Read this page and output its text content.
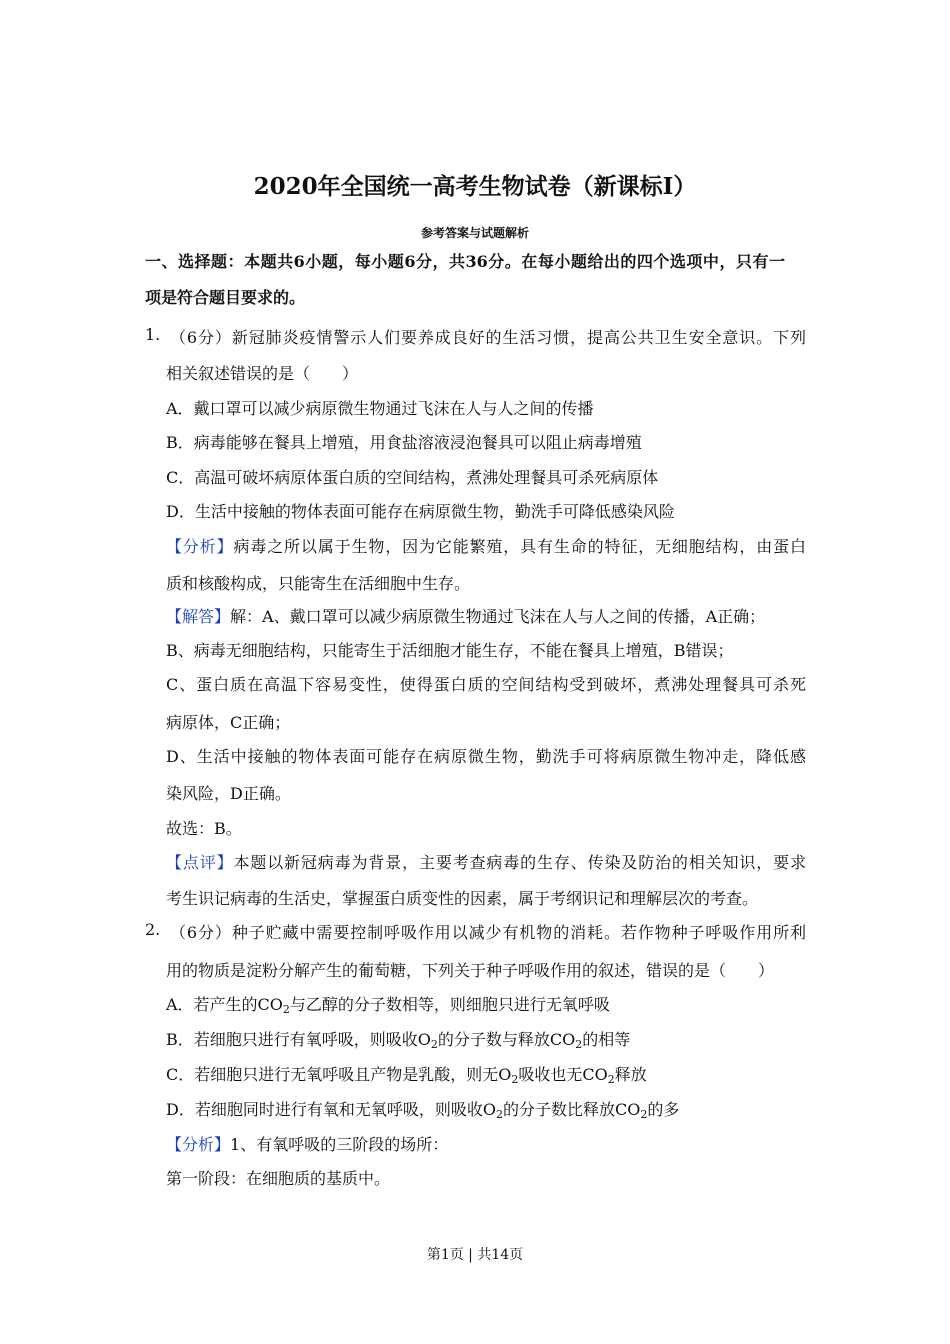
2020年全国统一高考生物试卷（新课标Ⅰ）
参考答案与试题解析
一、选择题：本题共6小题，每小题6分，共36分。在每小题给出的四个选项中，只有一
项是符合题目要求的。
1. （6分）新冠肺炎疫情警示人们要养成良好的生活习惯，提高公共卫生安全意识。下列
相关叙述错误的是（　　）
A．戴口罩可以减少病原微生物通过飞沫在人与人之间的传播
B．病毒能够在餐具上增殖，用食盐溶液浸泡餐具可以阻止病毒增殖
C．高温可破坏病原体蛋白质的空间结构，煮沸处理餐具可杀死病原体
D．生活中接触的物体表面可能存在病原微生物，勤洗手可降低感染风险
【分析】病毒之所以属于生物，因为它能繁殖，具有生命的特征，无细胞结构，由蛋白
质和核酸构成，只能寄生在活细胞中生存。
【解答】解：A、戴口罩可以减少病原微生物通过飞沫在人与人之间的传播，A正确；
B、病毒无细胞结构，只能寄生于活细胞才能生存，不能在餐具上增殖，B错误；
C、蛋白质在高温下容易变性，使得蛋白质的空间结构受到破坏，煮沸处理餐具可杀死
病原体，C正确；
D、生活中接触的物体表面可能存在病原微生物，勤洗手可将病原微生物冲走，降低感
染风险，D正确。
故选：B。
【点评】本题以新冠病毒为背景，主要考查病毒的生存、传染及防治的相关知识，要求
考生识记病毒的生活史，掌握蛋白质变性的因素，属于考纲识记和理解层次的考查。
2. （6分）种子贮藏中需要控制呼吸作用以减少有机物的消耗。若作物种子呼吸作用所利
用的物质是淀粉分解产生的葡萄糖，下列关于种子呼吸作用的叙述，错误的是（　　）
A．若产生的$CO_2$与乙醇的分子数相等，则细胞只进行无氧呼吸
B．若细胞只进行有氧呼吸，则吸收$O_2$的分子数与释放$CO_2$的相等
C．若细胞只进行无氧呼吸且产物是乳酸，则无$O_2$吸收也无$CO_2$释放
D．若细胞同时进行有氧和无氧呼吸，则吸收$O_2$的分子数比释放$CO_2$的多
【分析】1、有氧呼吸的三阶段的场所：
第一阶段：在细胞质的基质中。
第1页 | 共14页
